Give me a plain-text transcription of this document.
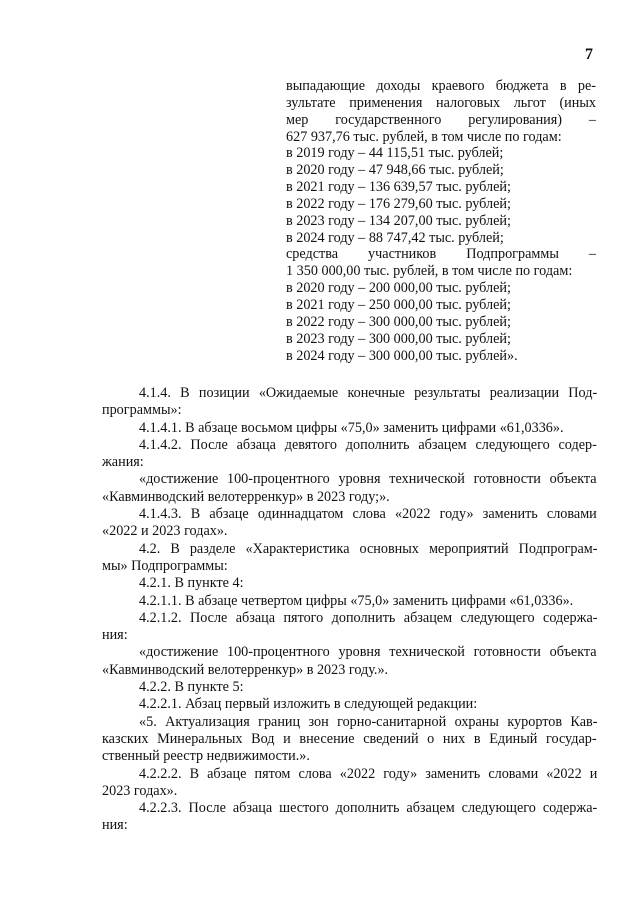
7
выпадающие доходы краевого бюджета в ре-
зультате применения налоговых льгот (иных
мер государственного регулирования) –
627 937,76 тыс. рублей, в том числе по годам:
в 2019 году – 44 115,51 тыс. рублей;
в 2020 году – 47 948,66 тыс. рублей;
в 2021 году – 136 639,57 тыс. рублей;
в 2022 году – 176 279,60 тыс. рублей;
в 2023 году – 134 207,00 тыс. рублей;
в 2024 году – 88 747,42 тыс. рублей;
средства участников Подпрограммы –
1 350 000,00 тыс. рублей, в том числе по годам:
в 2020 году – 200 000,00 тыс. рублей;
в 2021 году – 250 000,00 тыс. рублей;
в 2022 году – 300 000,00 тыс. рублей;
в 2023 году – 300 000,00 тыс. рублей;
в 2024 году – 300 000,00 тыс. рублей».
4.1.4. В позиции «Ожидаемые конечные результаты реализации Под-
программы»:
4.1.4.1. В абзаце восьмом цифры «75,0» заменить цифрами «61,0336».
4.1.4.2. После абзаца девятого дополнить абзацем следующего содер-
жания:
«достижение 100-процентного уровня технической готовности объекта
«Кавминводский велотерренкур» в 2023 году;».
4.1.4.3. В абзаце одиннадцатом слова «2022 году» заменить словами
«2022 и 2023 годах».
4.2. В разделе «Характеристика основных мероприятий Подпрограм-
мы» Подпрограммы:
4.2.1. В пункте 4:
4.2.1.1. В абзаце четвертом цифры «75,0» заменить цифрами «61,0336».
4.2.1.2. После абзаца пятого дополнить абзацем следующего содержа-
ния:
«достижение 100-процентного уровня технической готовности объекта
«Кавминводский велотерренкур» в 2023 году.».
4.2.2. В пункте 5:
4.2.2.1. Абзац первый изложить в следующей редакции:
«5. Актуализация границ зон горно-санитарной охраны курортов Кав-
казских Минеральных Вод и внесение сведений о них в Единый государ-
ственный реестр недвижимости.».
4.2.2.2. В абзаце пятом слова «2022 году» заменить словами «2022 и
2023 годах».
4.2.2.3. После абзаца шестого дополнить абзацем следующего содержа-
ния:
